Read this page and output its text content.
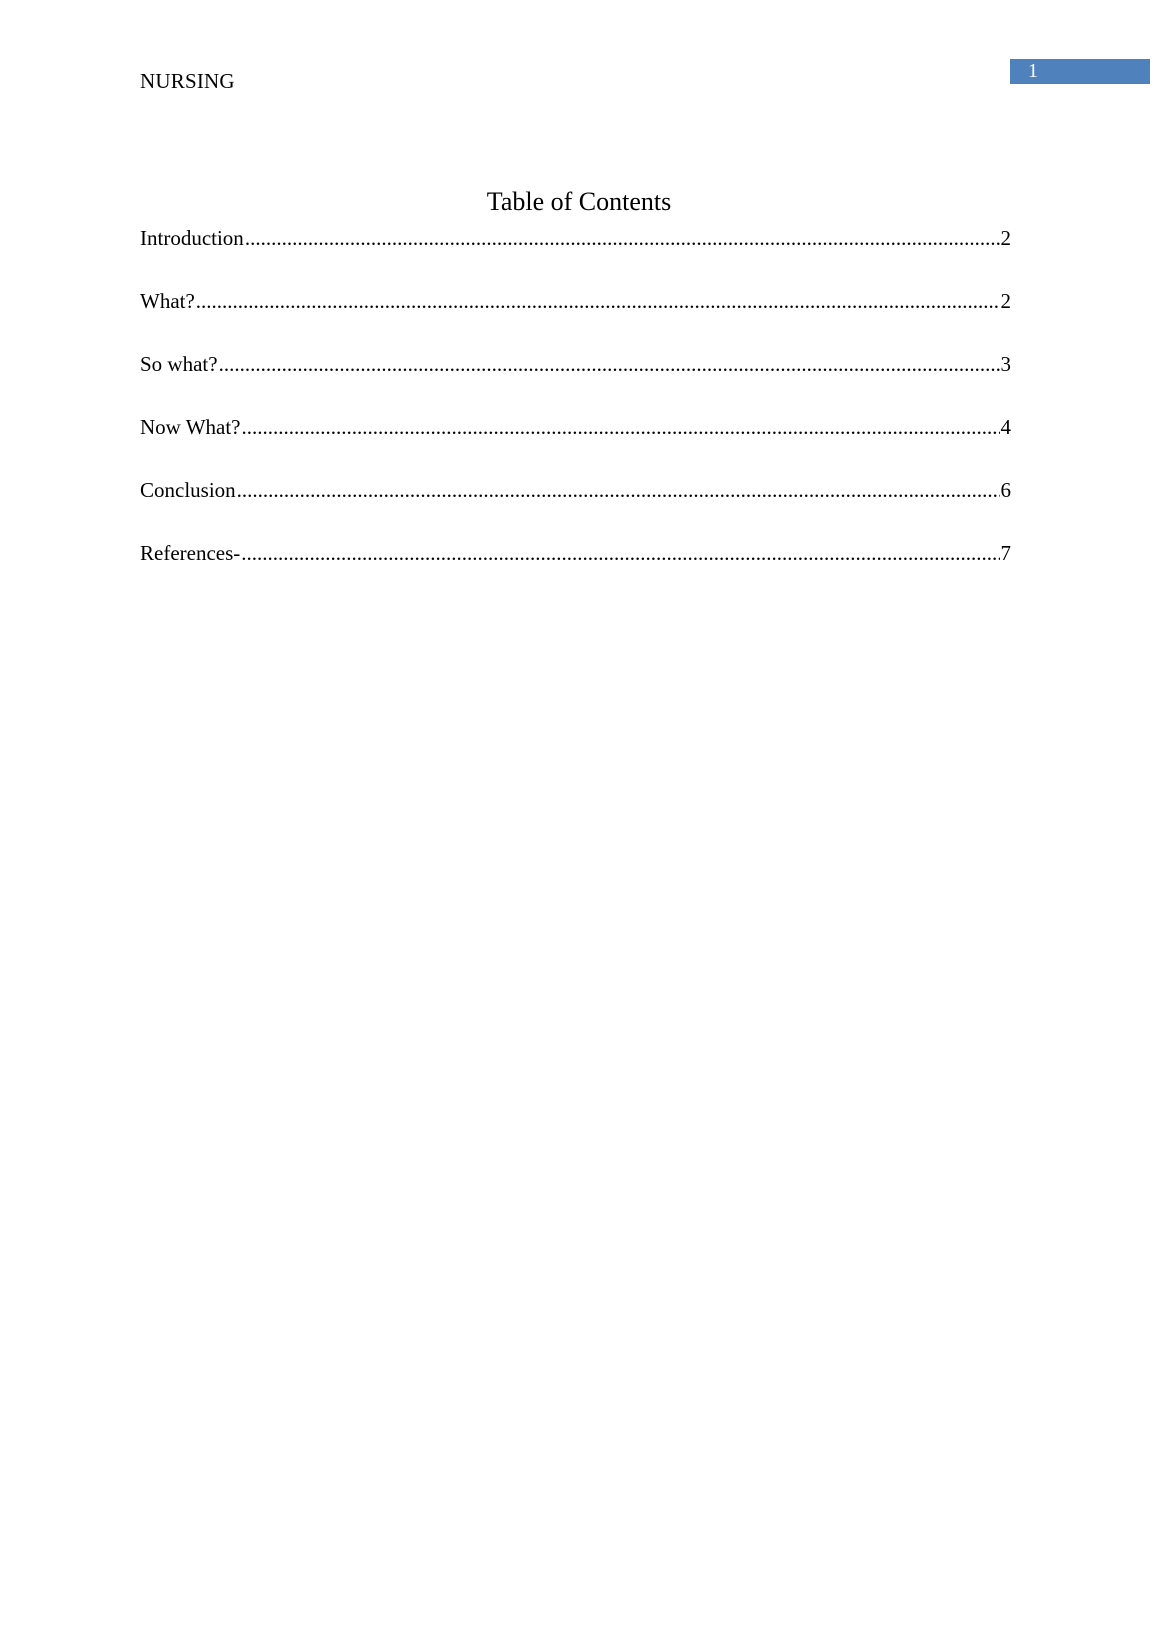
NURSING	1
Table of Contents
Introduction .....	2
What? .....	2
So what? .....	3
Now What? .....	4
Conclusion .....	6
References- .....	7
